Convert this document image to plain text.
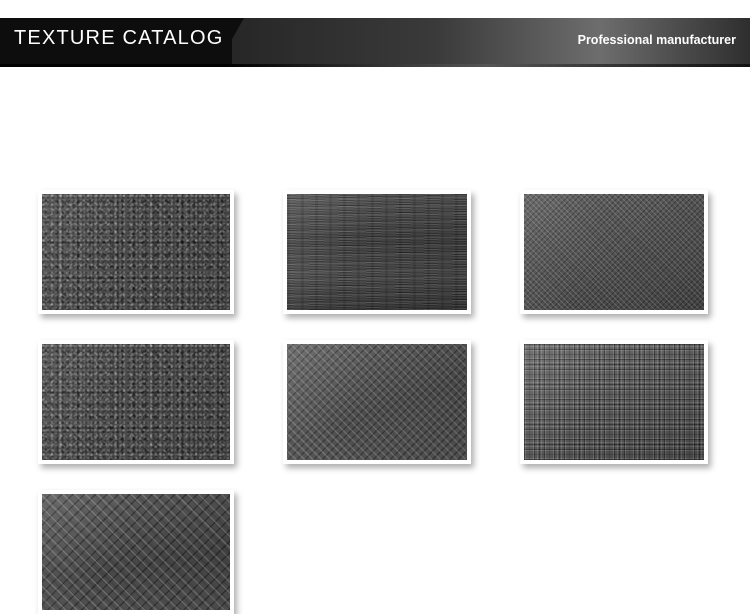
TEXTURE CATALOG	Professional manufacturer
